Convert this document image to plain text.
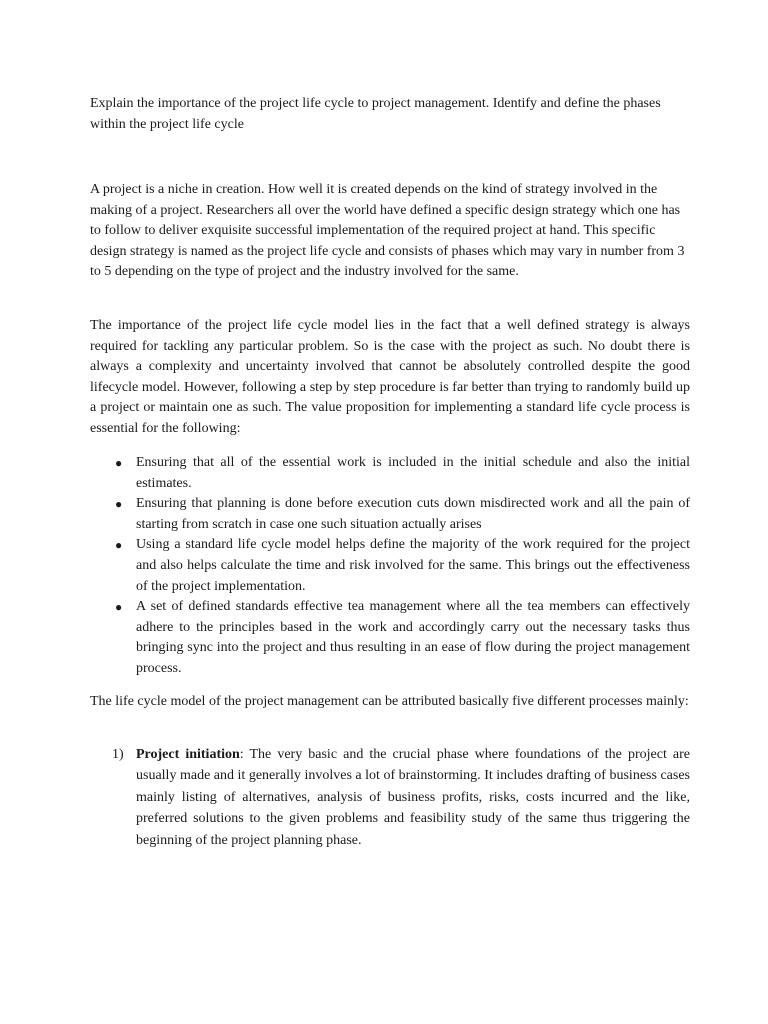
Explain the importance of the project life cycle to project management. Identify and define the phases within the project life cycle

A project is a niche in creation. How well it is created depends on the kind of strategy involved in the making of a project. Researchers all over the world have defined a specific design strategy which one has to follow to deliver exquisite successful implementation of the required project at hand. This specific design strategy is named as the project life cycle and consists of phases which may vary in number from 3 to 5 depending on the type of project and the industry involved for the same.

The importance of the project life cycle model lies in the fact that a well defined strategy is always required for tackling any particular problem. So is the case with the project as such. No doubt there is always a complexity and uncertainty involved that cannot be absolutely controlled despite the good lifecycle model. However, following a step by step procedure is far better than trying to randomly build up a project or maintain one as such. The value proposition for implementing a standard life cycle process is essential for the following:

● Ensuring that all of the essential work is included in the initial schedule and also the initial estimates.
● Ensuring that planning is done before execution cuts down misdirected work and all the pain of starting from scratch in case one such situation actually arises
● Using a standard life cycle model helps define the majority of the work required for the project and also helps calculate the time and risk involved for the same. This brings out the effectiveness of the project implementation.
● A set of defined standards effective tea management where all the tea members can effectively adhere to the principles based in the work and accordingly carry out the necessary tasks thus bringing sync into the project and thus resulting in an ease of flow during the project management process.

The life cycle model of the project management can be attributed basically five different processes mainly:

1) Project initiation: The very basic and the crucial phase where foundations of the project are usually made and it generally involves a lot of brainstorming. It includes drafting of business cases mainly listing of alternatives, analysis of business profits, risks, costs incurred and the like, preferred solutions to the given problems and feasibility study of the same thus triggering the beginning of the project planning phase.
